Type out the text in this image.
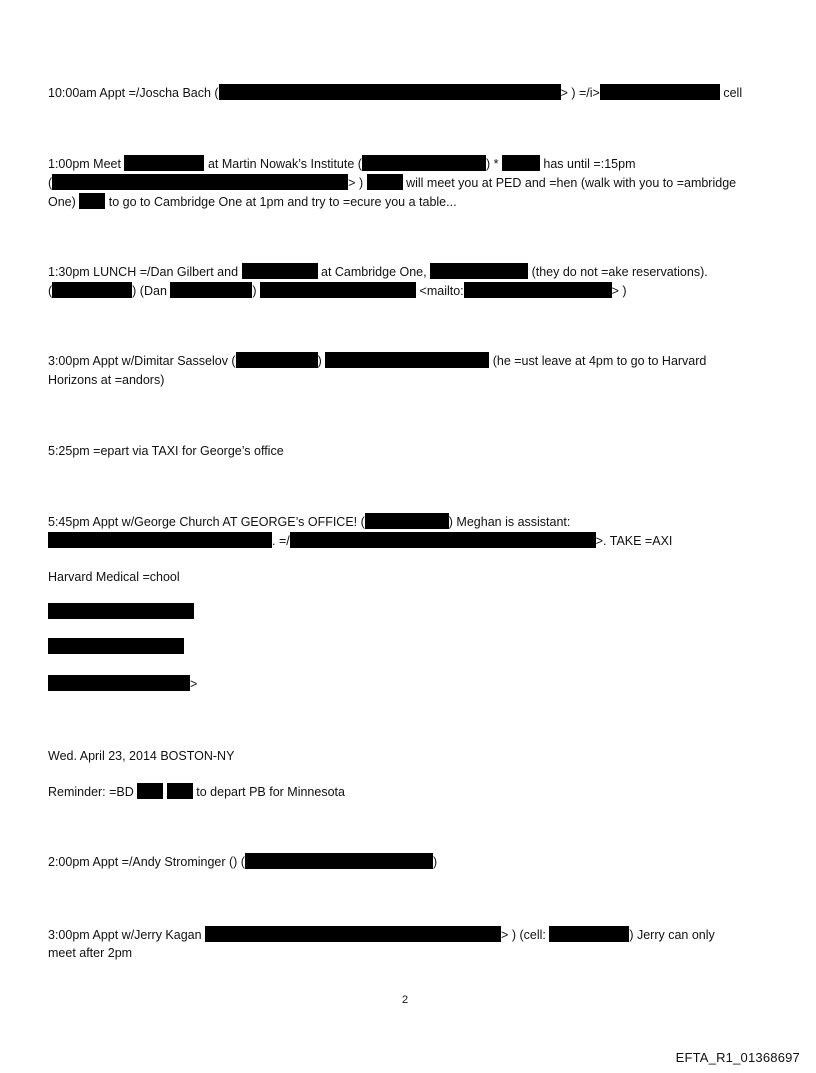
10:00am Appt =/Joscha Bach (	> ) =/i>	cell
1:00pm Meet	at Martin Nowak’s Institute (	) *	has until =:15pm
(	> )	will meet you at PED and =hen (walk with you to =ambridge
One)	to go to Cambridge One at 1pm and try to =ecure you a table...
1:30pm LUNCH =/Dan Gilbert and	at Cambridge One,	(they do not =ake reservations).
(	) (Dan	)	<mailto:	> )
3:00pm Appt w/Dimitar Sasselov (	)	(he =ust leave at 4pm to go to Harvard
Horizons at =andors)
5:25pm =epart via TAXI for George’s office
5:45pm Appt w/George Church AT GEORGE’s OFFICE! (	) Meghan is assistant:
. =/	>. TAKE =AXI
Harvard Medical =chool
>
Wed. April 23, 2014 BOSTON-NY
Reminder: =BD	to depart PB for Minnesota
2:00pm Appt =/Andy Strominger () (	)
3:00pm Appt w/Jerry Kagan	> ) (cell:	) Jerry can only
meet after 2pm
2
EFTA_R1_01368697
